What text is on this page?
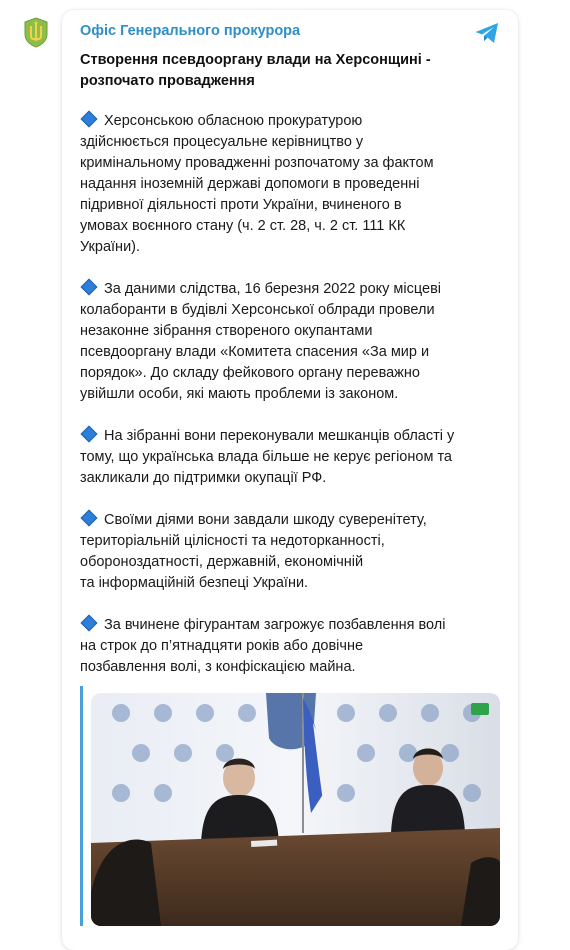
Офіс Генерального прокурора
Створення псевдооргану влади на Херсонщині -
розпочато провадження
Херсонською обласною прокуратурою
здійснюється процесуальне керівництво у
кримінальному провадженні розпочатому за фактом
надання іноземній державі допомоги в проведенні
підривної діяльності проти України, вчиненого в
умовах воєнного стану (ч. 2 ст. 28, ч. 2 ст. 111 КК
України).
За даними слідства, 16 березня 2022 року місцеві
колаборанти в будівлі Херсонської облради провели
незаконне зібрання створеного окупантами
псевдооргану влади «Комитета спасения «За мир и
порядок». До складу фейкового органу переважно
увійшли особи, які мають проблеми із законом.
На зібранні вони переконували мешканців області у
тому, що українська влада більше не керує регіоном та
закликали до підтримки окупації РФ.
Своїми діями вони завдали шкоду суверенітету,
територіальній цілісності та недоторканності,
обороноздатності, державній, економічній
та інформаційній безпеці України.
За вчинене фігурантам загрожує позбавлення волі
на строк до п’ятнадцяти років або довічне
позбавлення волі, з конфіскацією майна.
